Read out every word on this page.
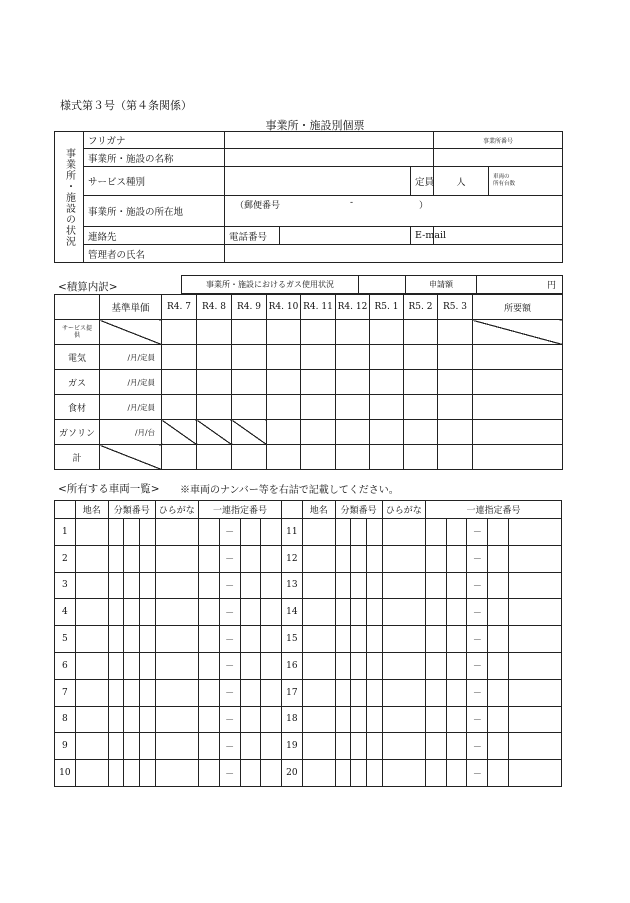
様式第３号（第４条関係）
事業所・施設別個票
事業所・施設の状況	フリガナ				事業所番号		
	事業所・施設の名称						
	サービス種別			定員	人	車両の
所有台数

	事業所・施設の所在地	（郵便番号 - ）					

	連絡先	電話番号		E-mail			
	管理者の氏名						
<積算内訳>	事業所・施設におけるガス使用状況		申請額	円
	基準単価	R4. 7	R4. 8	R4. 9	R4. 10	R4. 11	R4. 12	R5. 1	R5. 2	R5. 3	所要額
サービス提供											
電気	/月/定員										
ガス	/月/定員										
食材	/月/定員										
ガソリン	/月/台										
計											
<所有する車両一覧> ※車両のナンバー等を右詰で記載してください。
	地名	分類番号			ひらがな	一連指定番号					地名	分類番号			ひらがな	一連指定番号				
1							－			11								－		
2							－			12								－		
3							－			13								－		
4							－			14								－		
5							－			15								－		
6							－			16								－		
7							－			17								－		
8							－			18								－		
9							－			19								－		
10							－			20								－		
